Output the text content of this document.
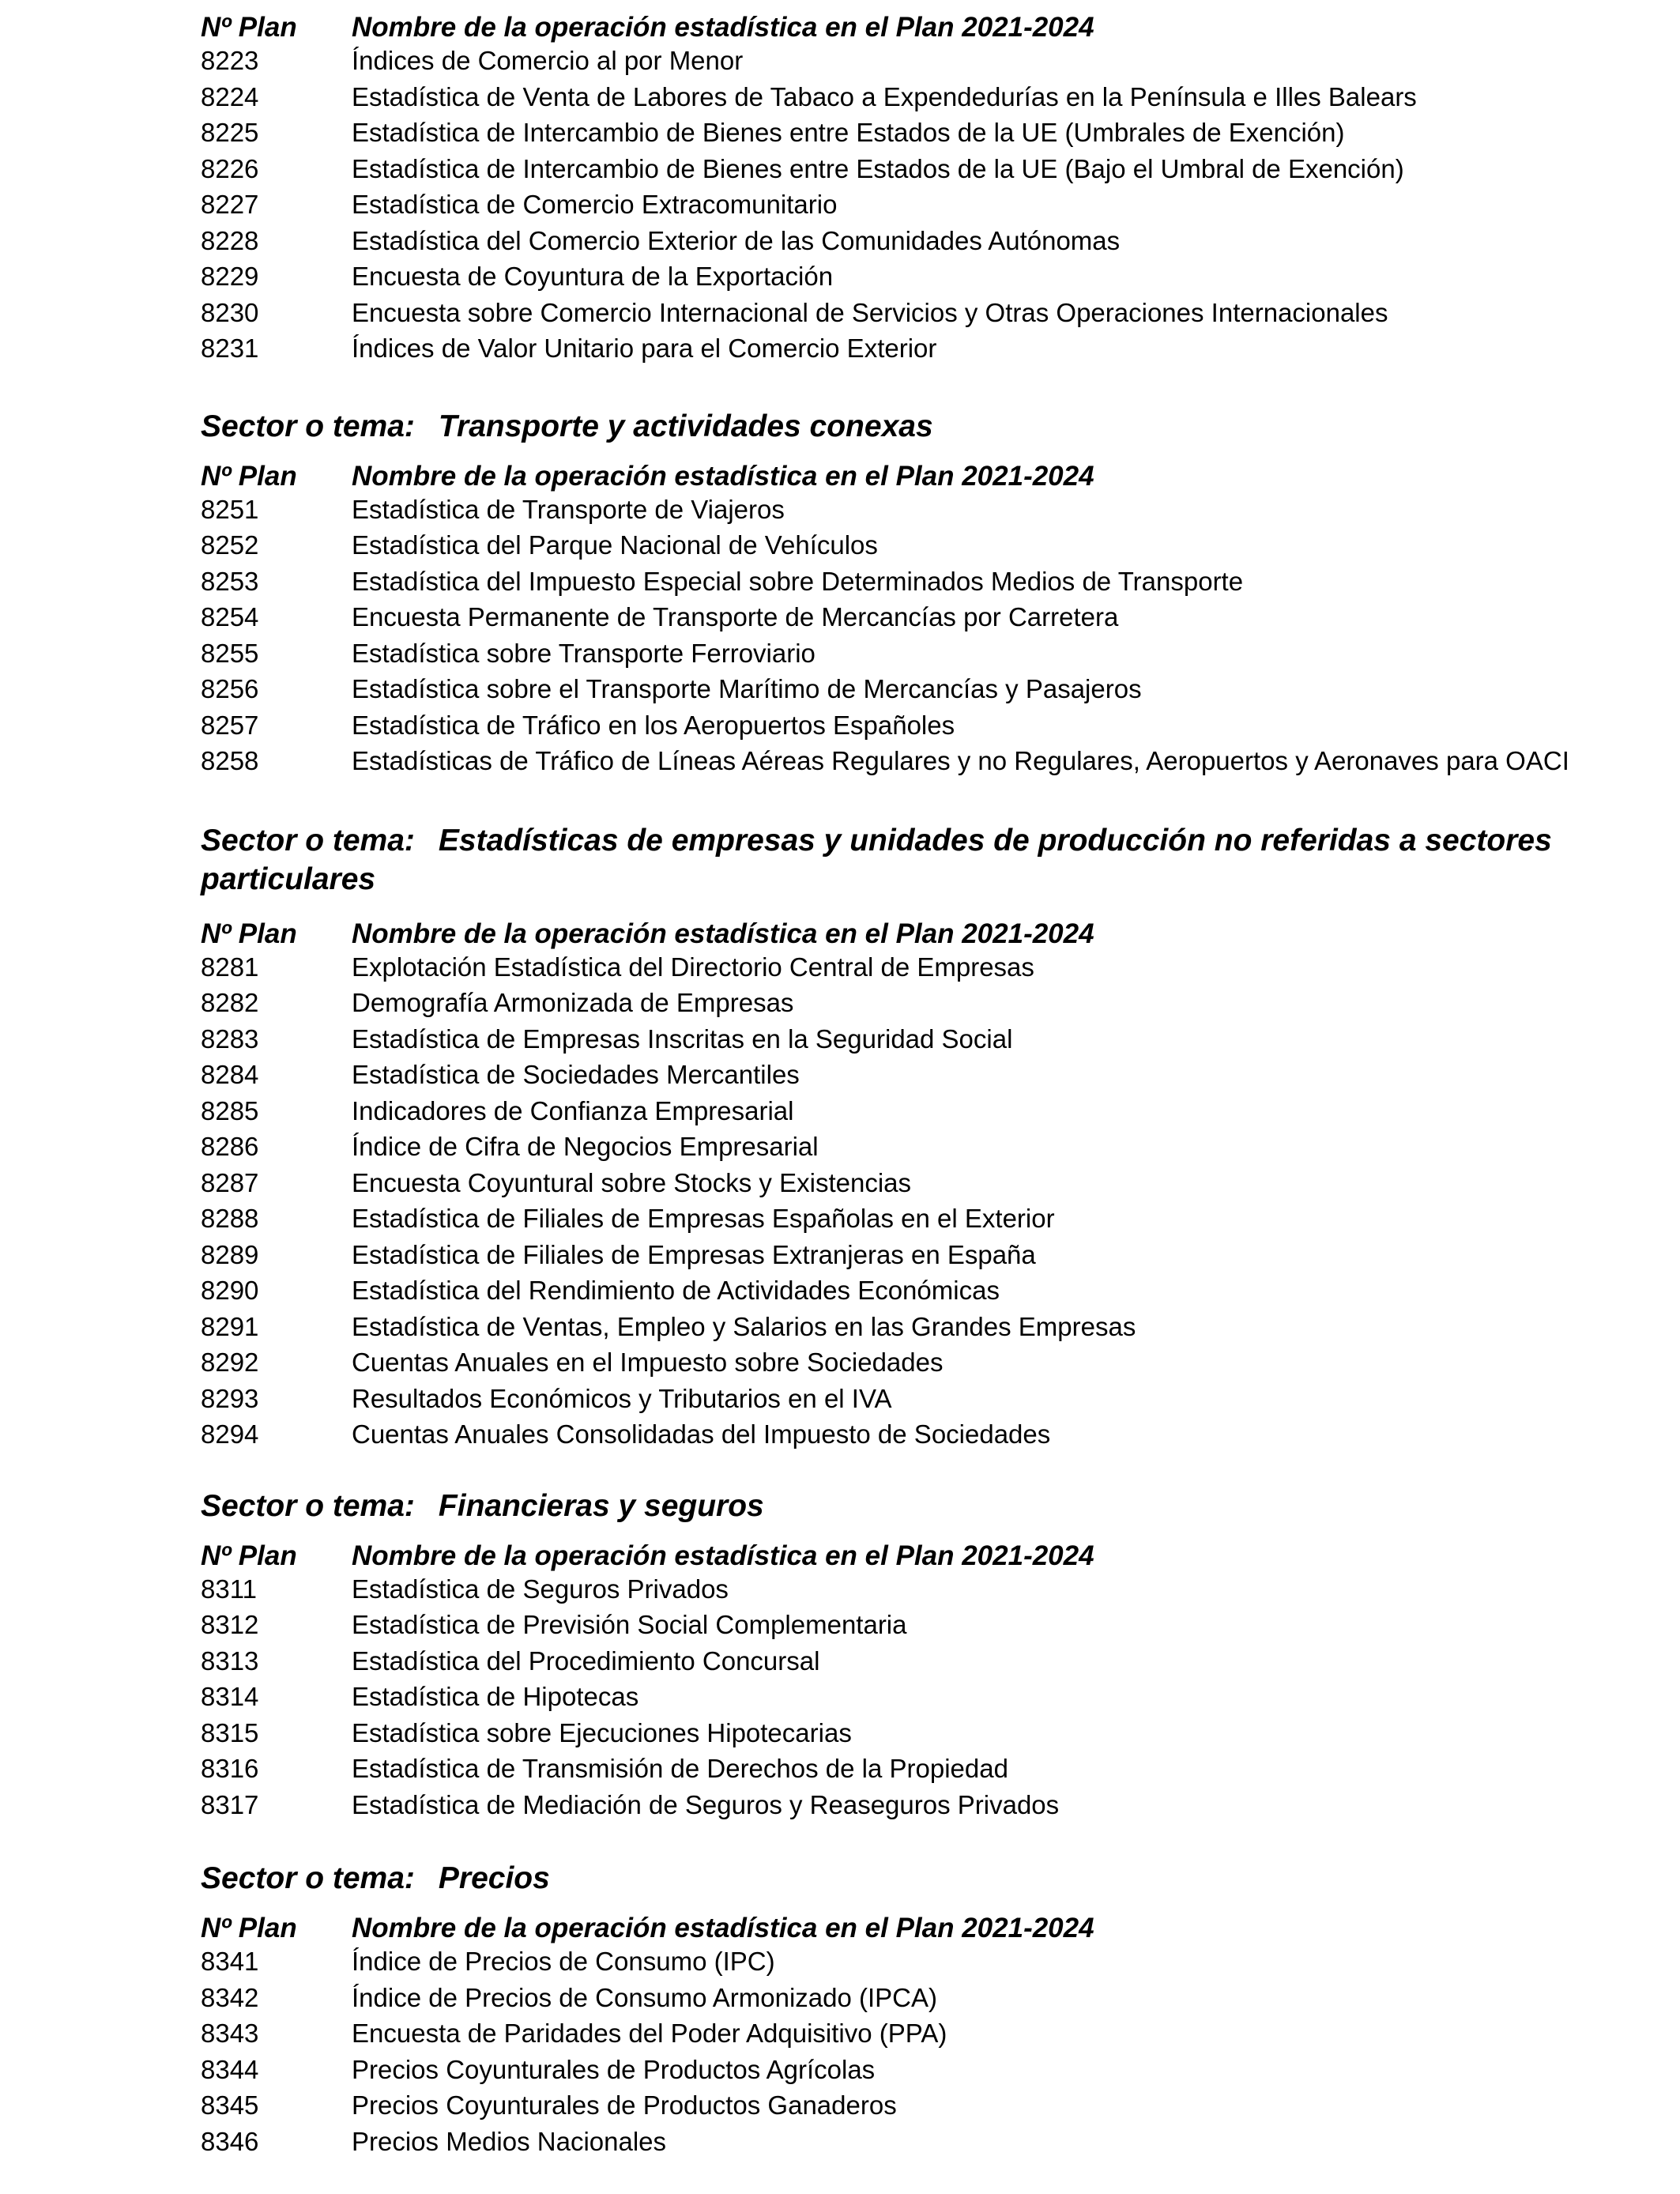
Nº Plan	Nombre de la operación estadística en el Plan 2021-2024
8223	Índices de Comercio al por Menor
8224	Estadística de Venta de Labores de Tabaco a Expendedurías en la Península e Illes Balears
8225	Estadística de Intercambio de Bienes entre Estados de la UE (Umbrales de Exención)
8226	Estadística de Intercambio de Bienes entre Estados de la UE (Bajo el Umbral de Exención)
8227	Estadística de Comercio Extracomunitario
8228	Estadística del Comercio Exterior de las Comunidades Autónomas
8229	Encuesta de Coyuntura de la Exportación
8230	Encuesta sobre Comercio Internacional de Servicios y Otras Operaciones Internacionales
8231	Índices de Valor Unitario para el Comercio Exterior
Sector o tema: Transporte y actividades conexas
Nº Plan	Nombre de la operación estadística en el Plan 2021-2024
8251	Estadística de Transporte de Viajeros
8252	Estadística del Parque Nacional de Vehículos
8253	Estadística del Impuesto Especial sobre Determinados Medios de Transporte
8254	Encuesta Permanente de Transporte de Mercancías por Carretera
8255	Estadística sobre Transporte Ferroviario
8256	Estadística sobre el Transporte Marítimo de Mercancías y Pasajeros
8257	Estadística de Tráfico en los Aeropuertos Españoles
8258	Estadísticas de Tráfico de Líneas Aéreas Regulares y no Regulares, Aeropuertos y Aeronaves para OACI
Sector o tema: Estadísticas de empresas y unidades de producción no referidas a sectores particulares
Nº Plan	Nombre de la operación estadística en el Plan 2021-2024
8281	Explotación Estadística del Directorio Central de Empresas
8282	Demografía Armonizada de Empresas
8283	Estadística de Empresas Inscritas en la Seguridad Social
8284	Estadística de Sociedades Mercantiles
8285	Indicadores de Confianza Empresarial
8286	Índice de Cifra de Negocios Empresarial
8287	Encuesta Coyuntural sobre Stocks y Existencias
8288	Estadística de Filiales de Empresas Españolas en el Exterior
8289	Estadística de Filiales de Empresas Extranjeras en España
8290	Estadística del Rendimiento de Actividades Económicas
8291	Estadística de Ventas, Empleo y Salarios en las Grandes Empresas
8292	Cuentas Anuales en el Impuesto sobre Sociedades
8293	Resultados Económicos y Tributarios en el IVA
8294	Cuentas Anuales Consolidadas del Impuesto de Sociedades
Sector o tema: Financieras y seguros
Nº Plan	Nombre de la operación estadística en el Plan 2021-2024
8311	Estadística de Seguros Privados
8312	Estadística de Previsión Social Complementaria
8313	Estadística del Procedimiento Concursal
8314	Estadística de Hipotecas
8315	Estadística sobre Ejecuciones Hipotecarias
8316	Estadística de Transmisión de Derechos de la Propiedad
8317	Estadística de Mediación de Seguros y Reaseguros Privados
Sector o tema: Precios
Nº Plan	Nombre de la operación estadística en el Plan 2021-2024
8341	Índice de Precios de Consumo (IPC)
8342	Índice de Precios de Consumo Armonizado (IPCA)
8343	Encuesta de Paridades del Poder Adquisitivo (PPA)
8344	Precios Coyunturales de Productos Agrícolas
8345	Precios Coyunturales de Productos Ganaderos
8346	Precios Medios Nacionales
